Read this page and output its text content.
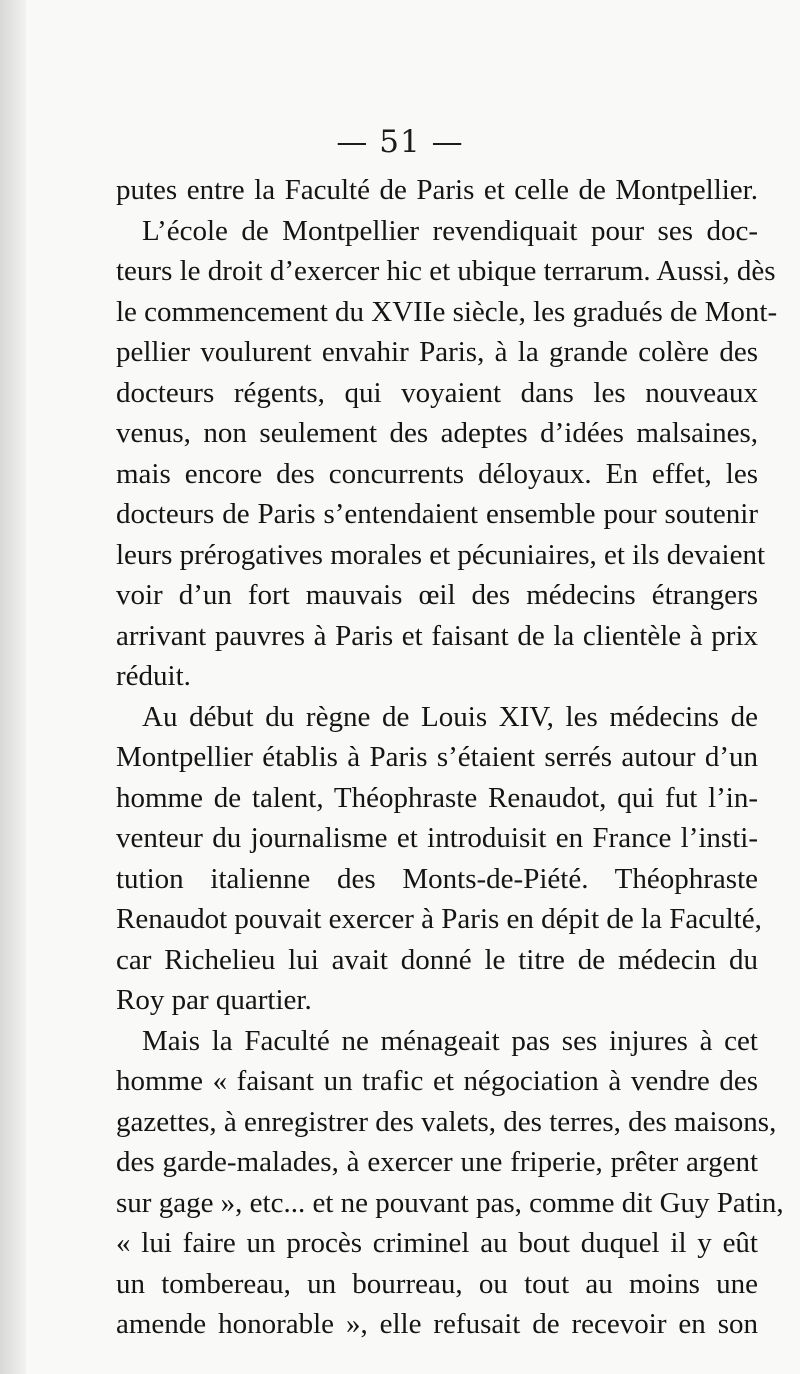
— 51 —
putes entre la Faculté de Paris et celle de Montpellier.
L’école de Montpellier revendiquait pour ses doc-
teurs le droit d’exercer hic et ubique terrarum. Aussi, dès
le commencement du XVIIe siècle, les gradués de Mont-
pellier voulurent envahir Paris, à la grande colère des
docteurs régents, qui voyaient dans les nouveaux
venus, non seulement des adeptes d’idées malsaines,
mais encore des concurrents déloyaux. En effet, les
docteurs de Paris s’entendaient ensemble pour soutenir
leurs prérogatives morales et pécuniaires, et ils devaient
voir d’un fort mauvais œil des médecins étrangers
arrivant pauvres à Paris et faisant de la clientèle à prix
réduit.
Au début du règne de Louis XIV, les médecins de
Montpellier établis à Paris s’étaient serrés autour d’un
homme de talent, Théophraste Renaudot, qui fut l’in-
venteur du journalisme et introduisit en France l’insti-
tution italienne des Monts-de-Piété. Théophraste
Renaudot pouvait exercer à Paris en dépit de la Faculté,
car Richelieu lui avait donné le titre de médecin du
Roy par quartier.
Mais la Faculté ne ménageait pas ses injures à cet
homme « faisant un trafic et négociation à vendre des
gazettes, à enregistrer des valets, des terres, des maisons,
des garde-malades, à exercer une friperie, prêter argent
sur gage », etc... et ne pouvant pas, comme dit Guy Patin,
« lui faire un procès criminel au bout duquel il y eût
un tombereau, un bourreau, ou tout au moins une
amende honorable », elle refusait de recevoir en son
